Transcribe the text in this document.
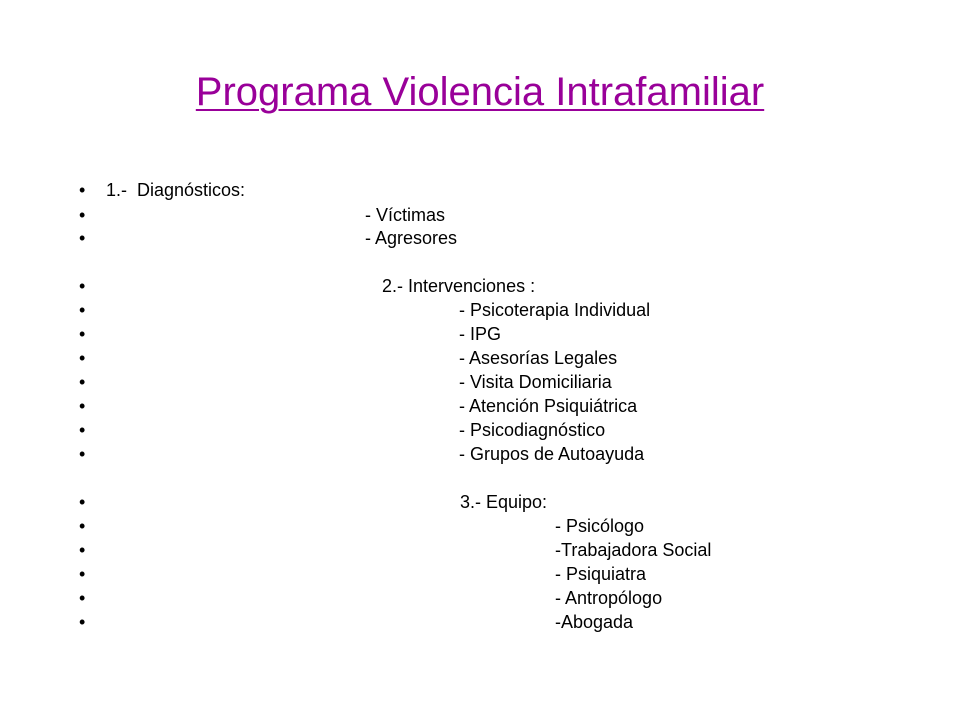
Programa Violencia Intrafamiliar
• 1.-  Diagnósticos:
•	- Víctimas
•	- Agresores
•	2.- Intervenciones :
•	- Psicoterapia Individual
•	- IPG
•	- Asesorías Legales
•	- Visita Domiciliaria
•	- Atención Psiquiátrica
•	- Psicodiagnóstico
•	- Grupos de Autoayuda
•	3.- Equipo:
•	- Psicólogo
•	-Trabajadora Social
•	- Psiquiatra
•	- Antropólogo
•	-Abogada
